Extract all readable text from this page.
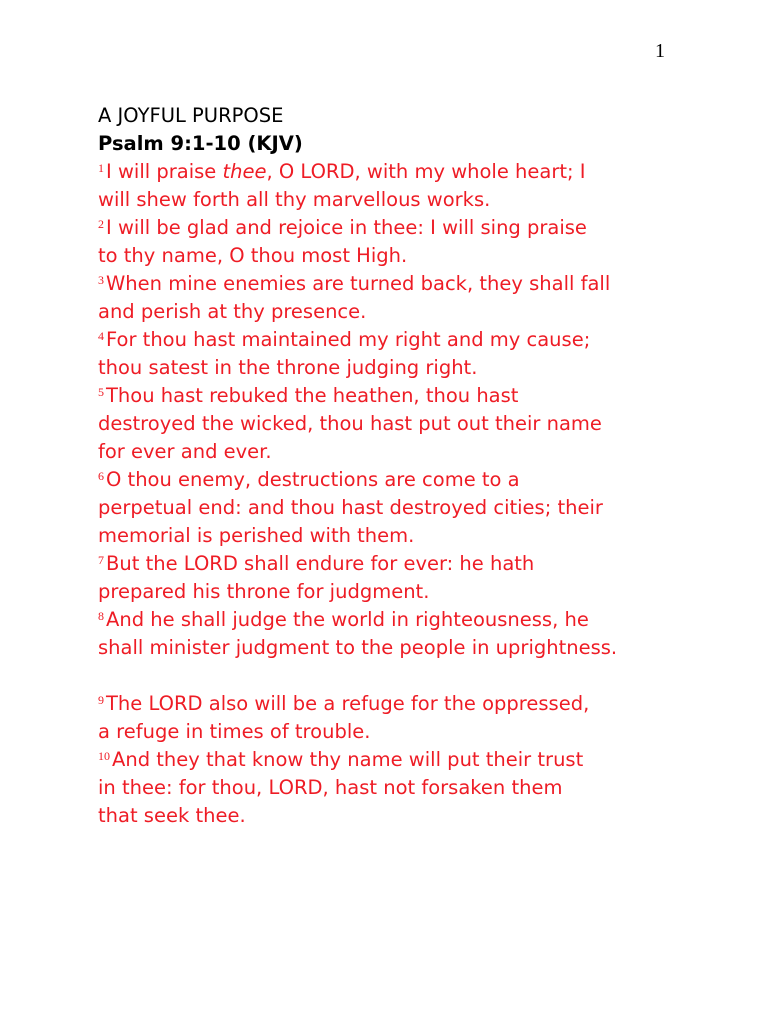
1

A JOYFUL PURPOSE

Psalm 9:1-10 (KJV)

$^1$ I will praise thee, O LORD, with my whole heart; I

will shew forth all thy marvellous works.

$^2$ I will be glad and rejoice in thee: I will sing praise

to thy name, O thou most High.

$^3$ When mine enemies are turned back, they shall fall

and perish at thy presence.

$^4$ For thou hast maintained my right and my cause;

thou satest in the throne judging right.

$^5$ Thou hast rebuked the heathen, thou hast

destroyed the wicked, thou hast put out their name

for ever and ever.

$^6$ O thou enemy, destructions are come to a

perpetual end: and thou hast destroyed cities; their

memorial is perished with them.

$^7$ But the LORD shall endure for ever: he hath

prepared his throne for judgment.

$^8$ And he shall judge the world in righteousness, he

shall minister judgment to the people in uprightness.

$^9$ The LORD also will be a refuge for the oppressed,

a refuge in times of trouble.

$^{10}$ And they that know thy name will put their trust

in thee: for thou, LORD, hast not forsaken them

that seek thee.
